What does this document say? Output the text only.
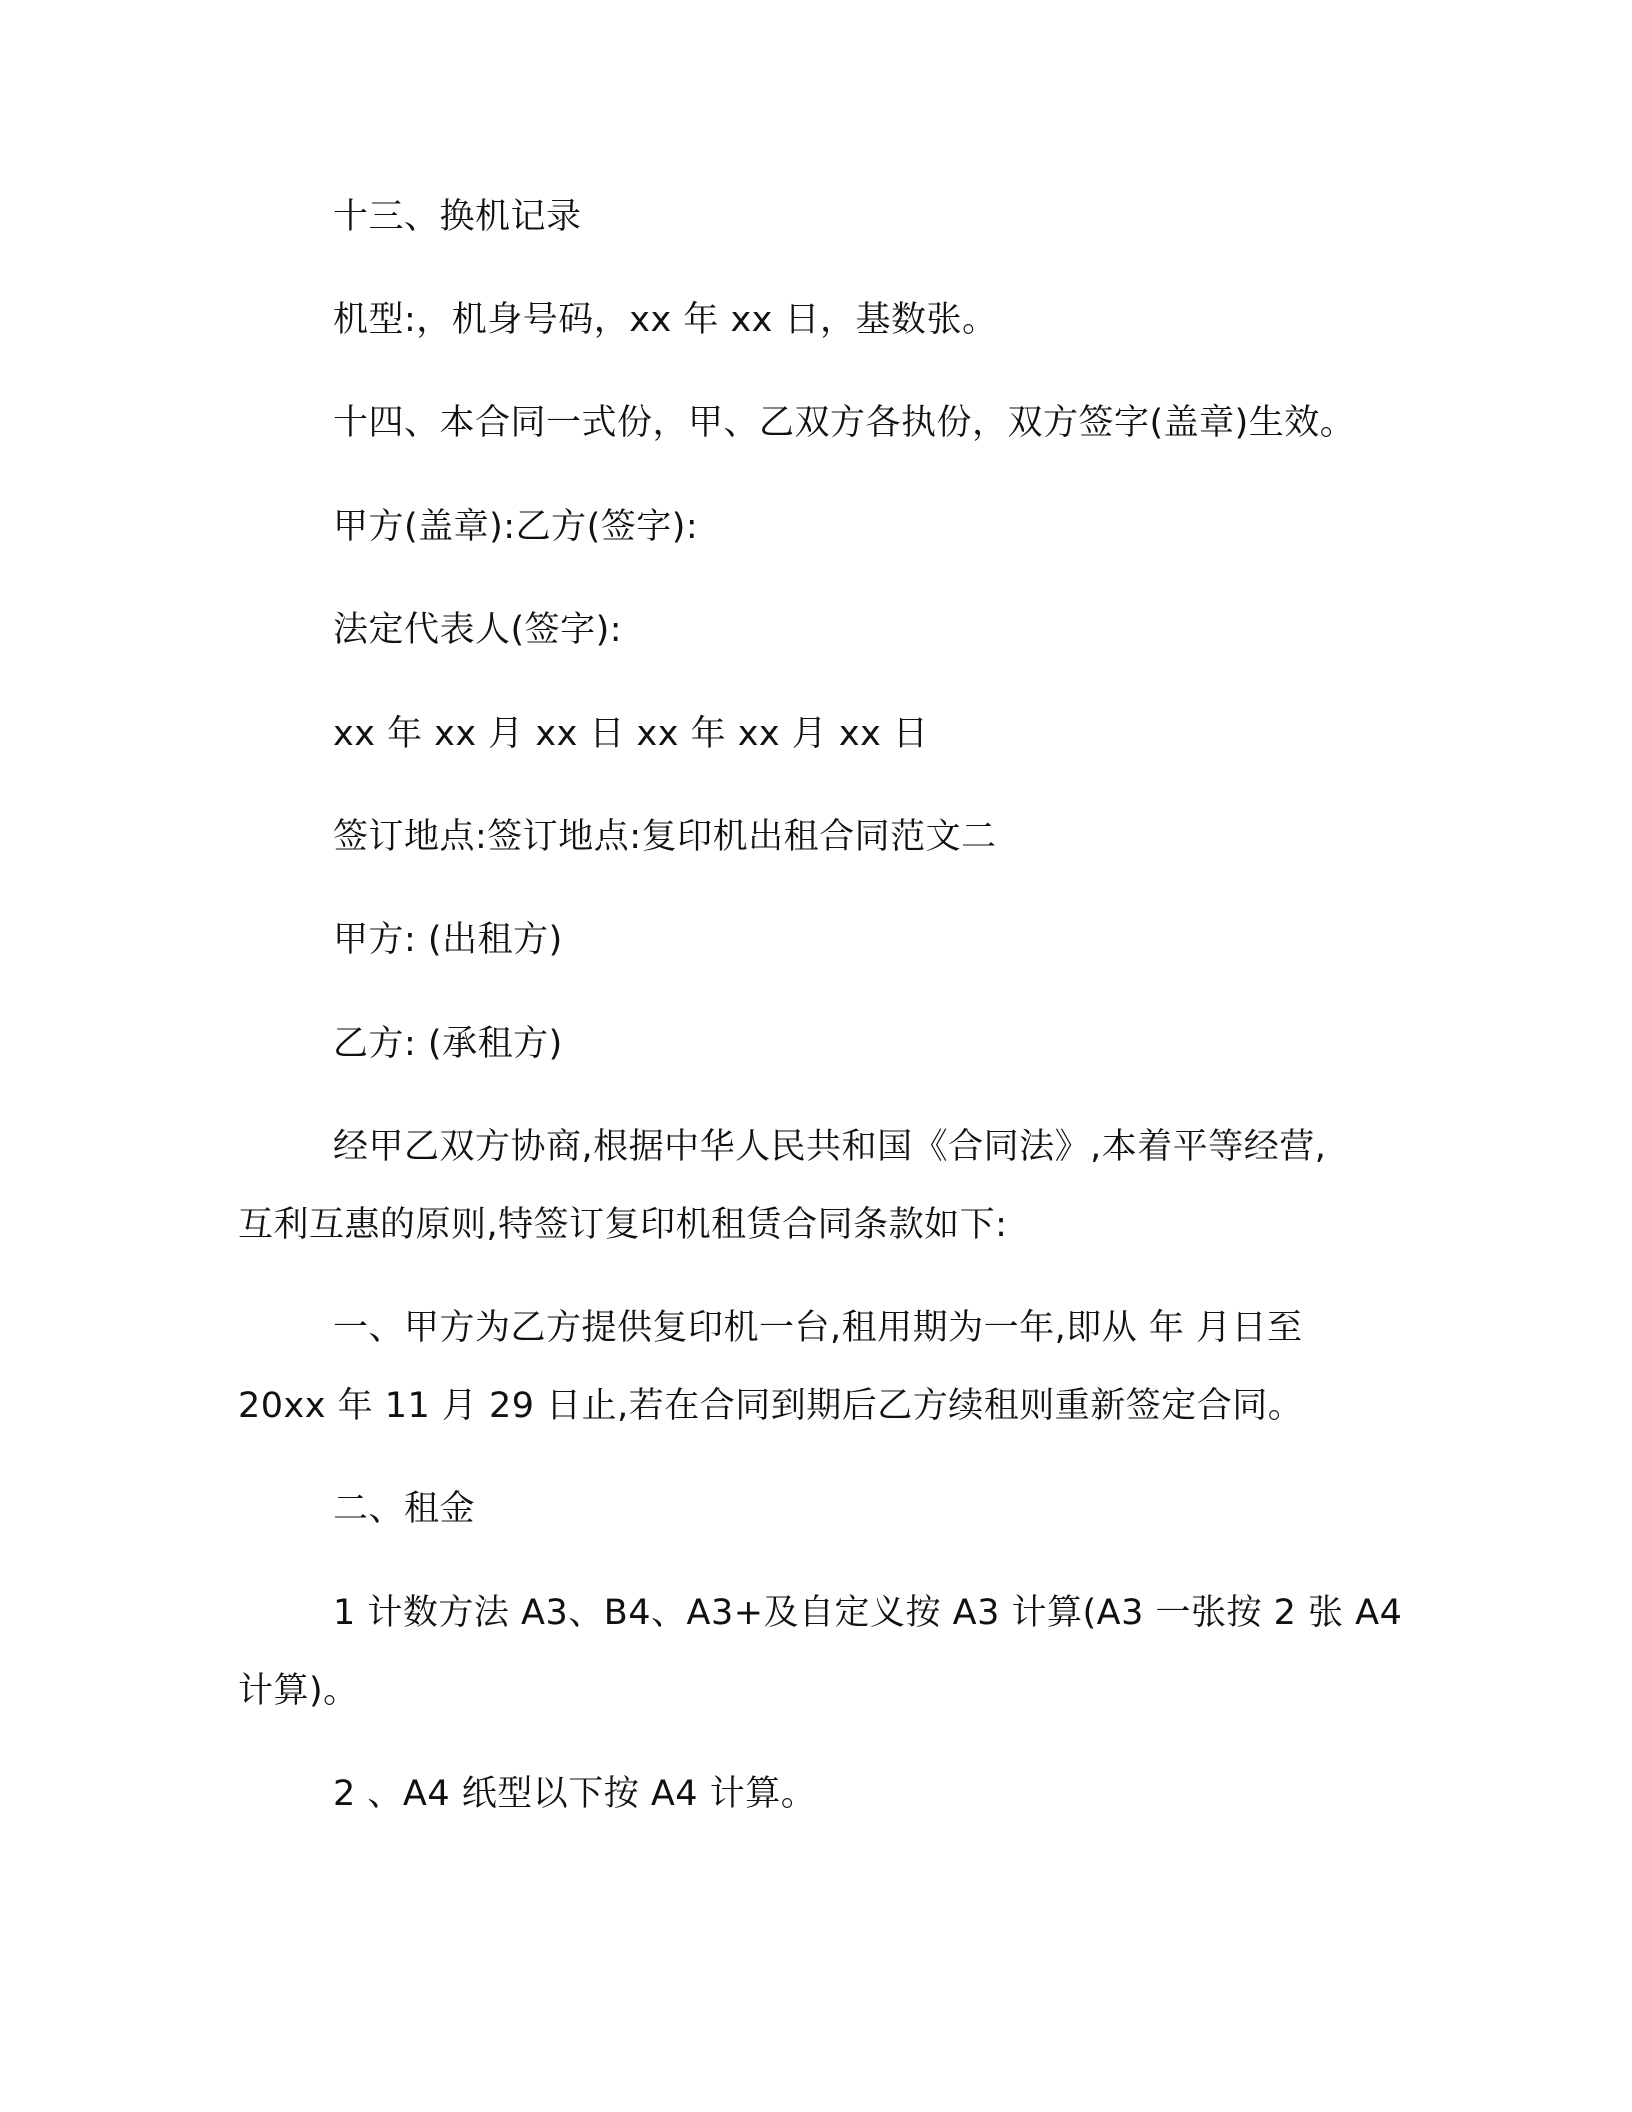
十三、换机记录
机型:，机身号码，xx 年 xx 日，基数张。
十四、本合同一式份，甲、乙双方各执份，双方签字(盖章)生效。
甲方(盖章):乙方(签字):
法定代表人(签字):
xx 年 xx 月 xx 日 xx 年 xx 月 xx 日
签订地点:签订地点:复印机出租合同范文二
甲方: (出租方)
乙方: (承租方)
经甲乙双方协商,根据中华人民共和国《合同法》,本着平等经营,
互利互惠的原则,特签订复印机租赁合同条款如下:
一、甲方为乙方提供复印机一台,租用期为一年,即从 年 月日至
20xx 年 11 月 29 日止,若在合同到期后乙方续租则重新签定合同。
二、租金
1 计数方法 A3、B4、A3+及自定义按 A3 计算(A3 一张按 2 张 A4
计算)。
2 、A4 纸型以下按 A4 计算。
